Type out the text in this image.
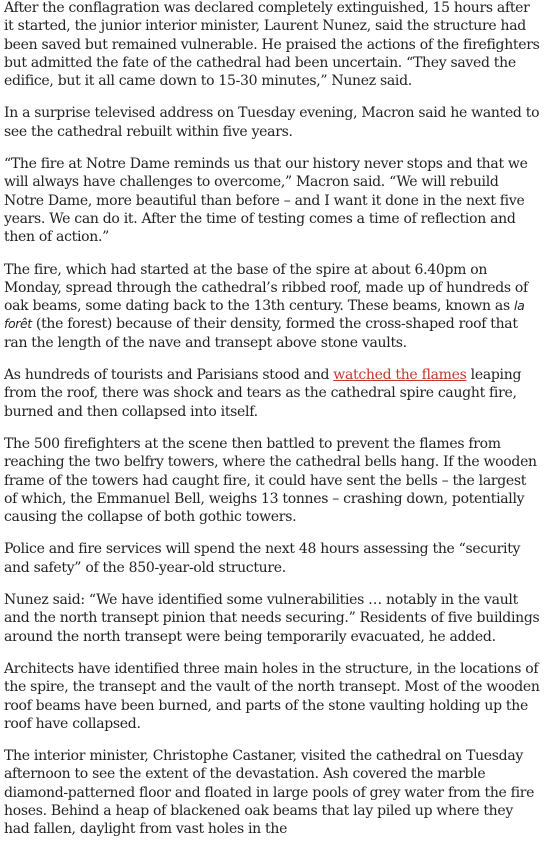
After the conflagration was declared completely extinguished, 15 hours after it started, the junior interior minister, Laurent Nunez, said the structure had been saved but remained vulnerable. He praised the actions of the firefighters but admitted the fate of the cathedral had been uncertain. “They saved the edifice, but it all came down to 15-30 minutes,” Nunez said.

In a surprise televised address on Tuesday evening, Macron said he wanted to see the cathedral rebuilt within five years.

“The fire at Notre Dame reminds us that our history never stops and that we will always have challenges to overcome,” Macron said. “We will rebuild Notre Dame, more beautiful than before – and I want it done in the next five years. We can do it. After the time of testing comes a time of reflection and then of action.”

The fire, which had started at the base of the spire at about 6.40pm on Monday, spread through the cathedral’s ribbed roof, made up of hundreds of oak beams, some dating back to the 13th century. These beams, known as la forêt (the forest) because of their density, formed the cross-shaped roof that ran the length of the nave and transept above stone vaults.

As hundreds of tourists and Parisians stood and watched the flames leaping from the roof, there was shock and tears as the cathedral spire caught fire, burned and then collapsed into itself.

The 500 firefighters at the scene then battled to prevent the flames from reaching the two belfry towers, where the cathedral bells hang. If the wooden frame of the towers had caught fire, it could have sent the bells – the largest of which, the Emmanuel Bell, weighs 13 tonnes – crashing down, potentially causing the collapse of both gothic towers.

Police and fire services will spend the next 48 hours assessing the “security and safety” of the 850-year-old structure.

Nunez said: “We have identified some vulnerabilities … notably in the vault and the north transept pinion that needs securing.” Residents of five buildings around the north transept were being temporarily evacuated, he added.

Architects have identified three main holes in the structure, in the locations of the spire, the transept and the vault of the north transept. Most of the wooden roof beams have been burned, and parts of the stone vaulting holding up the roof have collapsed.

The interior minister, Christophe Castaner, visited the cathedral on Tuesday afternoon to see the extent of the devastation. Ash covered the marble diamond-patterned floor and floated in large pools of grey water from the fire hoses. Behind a heap of blackened oak beams that lay piled up where they had fallen, daylight from vast holes in the
